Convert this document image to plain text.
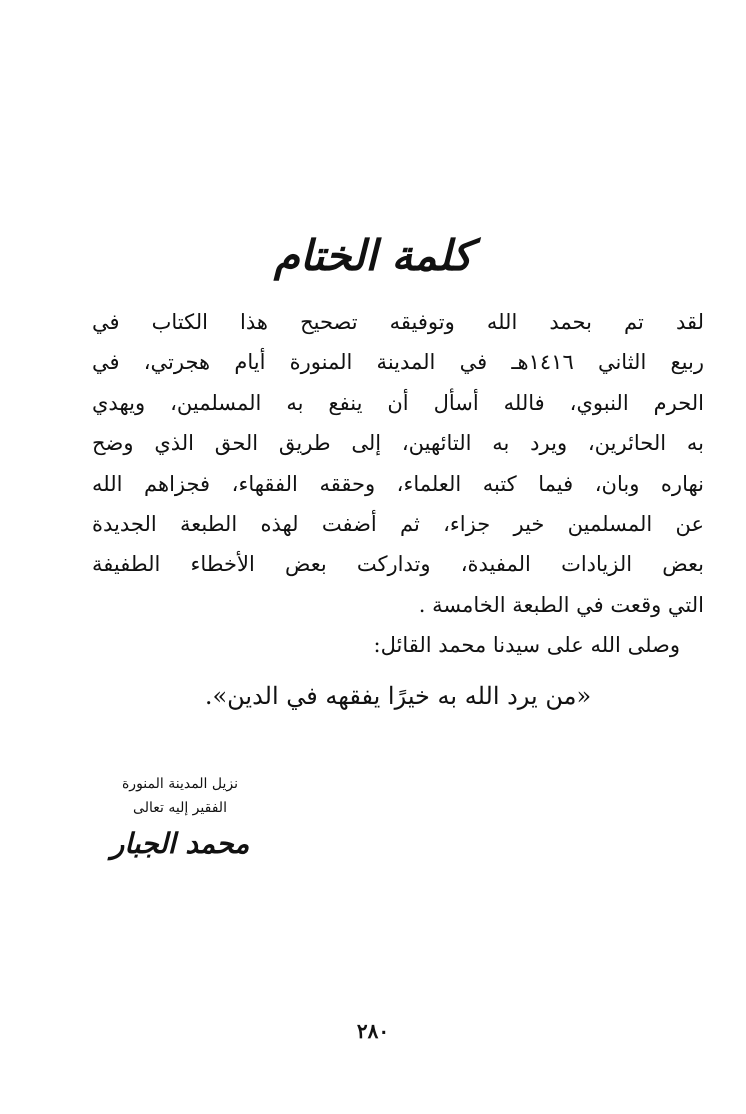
كلمة الختام
لقد تم بحمد الله وتوفيقه تصحيح هذا الكتاب في
ربيع الثاني ١٤١٦هـ في المدينة المنورة أيام هجرتي، في
الحرم النبوي، فالله أسأل أن ينفع به المسلمين، ويهدي
به الحائرين، ويرد به التائهين، إلى طريق الحق الذي وضح
نهاره وبان، فيما كتبه العلماء، وحققه الفقهاء، فجزاهم الله
عن المسلمين خير جزاء، ثم أضفت لهذه الطبعة الجديدة
بعض الزيادات المفيدة، وتداركت بعض الأخطاء الطفيفة
التي وقعت في الطبعة الخامسة .
وصلى الله على سيدنا محمد القائل:
«من يرد الله به خيرًا يفقهه في الدين».
نزيل المدينة المنورة
الفقير إليه تعالى
محمد الجبار
٢٨٠
